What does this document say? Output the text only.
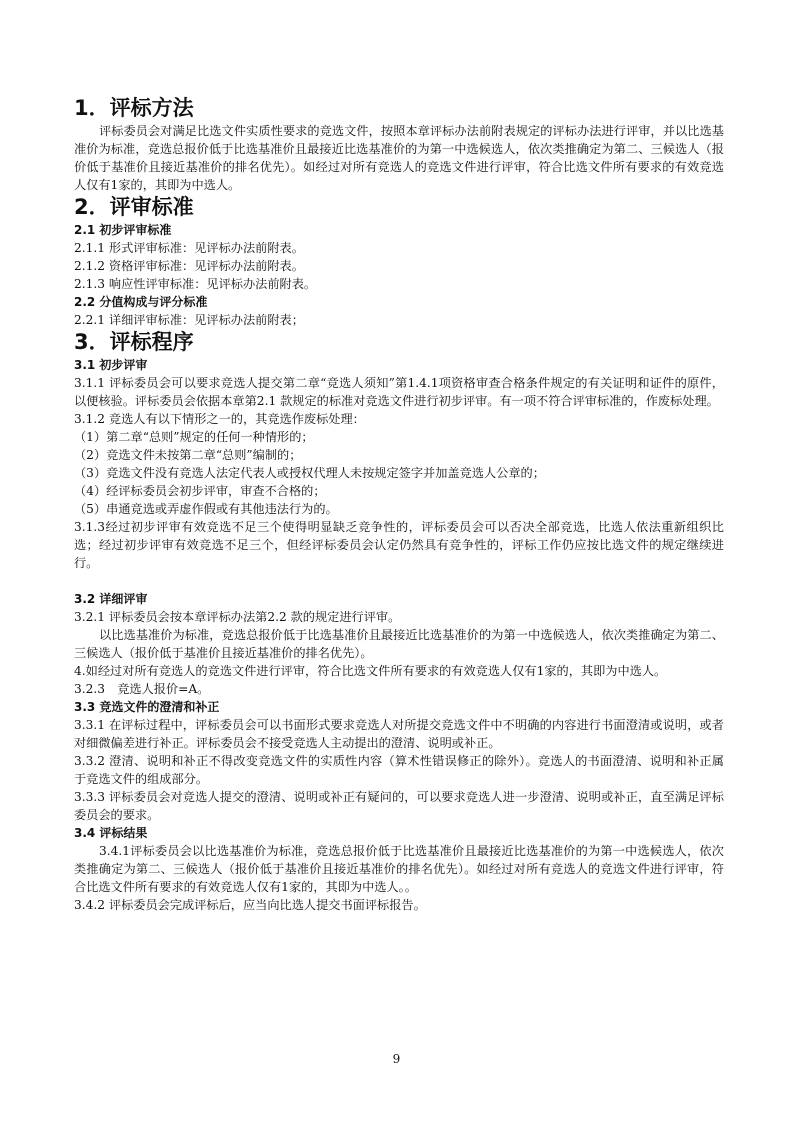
1．评标方法

评标委员会对满足比选文件实质性要求的竞选文件，按照本章评标办法前附表规定的评标办法进行评审，并以比选基准价为标准，竞选总报价低于比选基准价且最接近比选基准价的为第一中选候选人，依次类推确定为第二、三候选人（报价低于基准价且接近基准价的排名优先）。如经过对所有竞选人的竞选文件进行评审，符合比选文件所有要求的有效竞选人仅有1家的，其即为中选人。

2．评审标准

2.1 初步评审标准

2.1.1 形式评审标准：见评标办法前附表。

2.1.2 资格评审标准：见评标办法前附表。

2.1.3 响应性评审标准：见评标办法前附表。

2.2 分值构成与评分标准

2.2.1 详细评审标准：见评标办法前附表；

3．评标程序

3.1 初步评审

3.1.1 评标委员会可以要求竞选人提交第二章“竞选人须知”第1.4.1项资格审查合格条件规定的有关证明和证件的原件，以便核验。评标委员会依据本章第2.1 款规定的标准对竞选文件进行初步评审。有一项不符合评审标准的，作废标处理。

3.1.2 竞选人有以下情形之一的，其竞选作废标处理：

（1）第二章“总则”规定的任何一种情形的；

（2）竞选文件未按第二章“总则”编制的；

（3）竞选文件没有竞选人法定代表人或授权代理人未按规定签字并加盖竞选人公章的；

（4）经评标委员会初步评审，审查不合格的；

（5）串通竞选或弄虚作假或有其他违法行为的。

3.1.3经过初步评审有效竞选不足三个使得明显缺乏竞争性的，评标委员会可以否决全部竞选，比选人依法重新组织比选；经过初步评审有效竞选不足三个，但经评标委员会认定仍然具有竞争性的，评标工作仍应按比选文件的规定继续进行。

3.2 详细评审

3.2.1 评标委员会按本章评标办法第2.2 款的规定进行评审。

以比选基准价为标准，竞选总报价低于比选基准价且最接近比选基准价的为第一中选候选人，依次类推确定为第二、三候选人（报价低于基准价且接近基准价的排名优先）。

4.如经过对所有竞选人的竞选文件进行评审，符合比选文件所有要求的有效竞选人仅有1家的，其即为中选人。

3.2.3　竞选人报价=A。

3.3 竞选文件的澄清和补正

3.3.1 在评标过程中，评标委员会可以书面形式要求竞选人对所提交竞选文件中不明确的内容进行书面澄清或说明，或者对细微偏差进行补正。评标委员会不接受竞选人主动提出的澄清、说明或补正。

3.3.2 澄清、说明和补正不得改变竞选文件的实质性内容（算术性错误修正的除外）。竞选人的书面澄清、说明和补正属于竞选文件的组成部分。

3.3.3 评标委员会对竞选人提交的澄清、说明或补正有疑问的，可以要求竞选人进一步澄清、说明或补正，直至满足评标委员会的要求。

3.4 评标结果

3.4.1评标委员会以比选基准价为标准，竞选总报价低于比选基准价且最接近比选基准价的为第一中选候选人，依次类推确定为第二、三候选人（报价低于基准价且接近基准价的排名优先）。如经过对所有竞选人的竞选文件进行评审，符合比选文件所有要求的有效竞选人仅有1家的，其即为中选人。。

3.4.2 评标委员会完成评标后，应当向比选人提交书面评标报告。

9
